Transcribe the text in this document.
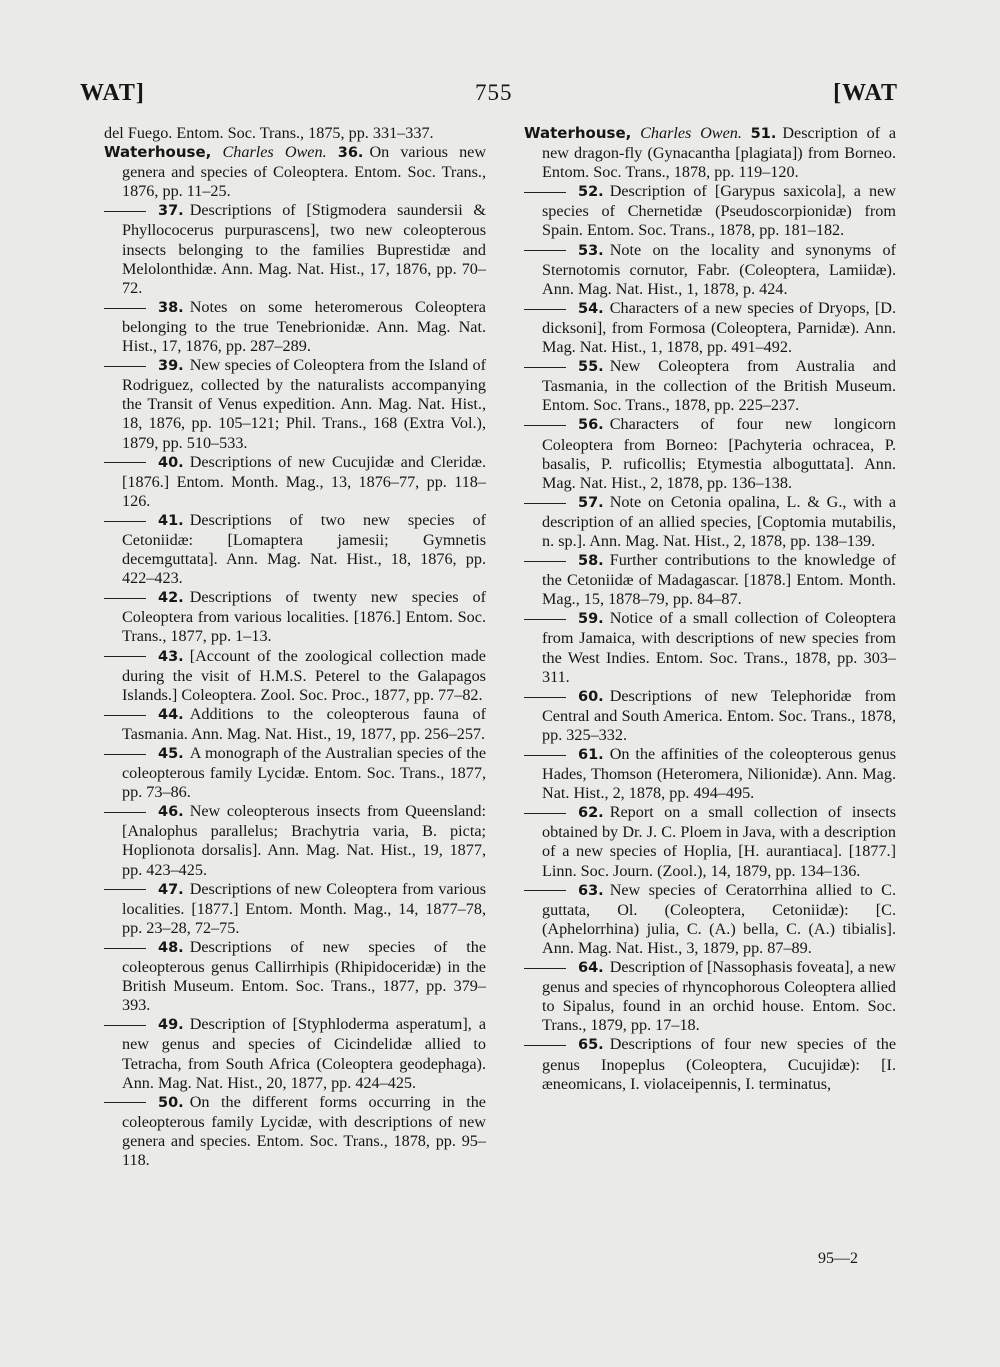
WAT]	755	[WAT

del Fuego. Entom. Soc. Trans., 1875, pp. 331–337.

Waterhouse, Charles Owen. 36. On various new genera and species of Coleoptera. Entom. Soc. Trans., 1876, pp. 11–25.

37. Descriptions of [Stigmodera saundersii & Phyllococerus purpurascens], two new coleopterous insects belonging to the families Buprestidæ and Melolonthidæ. Ann. Mag. Nat. Hist., 17, 1876, pp. 70–72.

38. Notes on some heteromerous Coleoptera belonging to the true Tenebrionidæ. Ann. Mag. Nat. Hist., 17, 1876, pp. 287–289.

39. New species of Coleoptera from the Island of Rodriguez, collected by the naturalists accompanying the Transit of Venus expedition. Ann. Mag. Nat. Hist., 18, 1876, pp. 105–121; Phil. Trans., 168 (Extra Vol.), 1879, pp. 510–533.

40. Descriptions of new Cucujidæ and Cleridæ. [1876.] Entom. Month. Mag., 13, 1876–77, pp. 118–126.

41. Descriptions of two new species of Cetoniidæ: [Lomaptera jamesii; Gymnetis decemguttata]. Ann. Mag. Nat. Hist., 18, 1876, pp. 422–423.

42. Descriptions of twenty new species of Coleoptera from various localities. [1876.] Entom. Soc. Trans., 1877, pp. 1–13.

43. [Account of the zoological collection made during the visit of H.M.S. Peterel to the Galapagos Islands.] Coleoptera. Zool. Soc. Proc., 1877, pp. 77–82.

44. Additions to the coleopterous fauna of Tasmania. Ann. Mag. Nat. Hist., 19, 1877, pp. 256–257.

45. A monograph of the Australian species of the coleopterous family Lycidæ. Entom. Soc. Trans., 1877, pp. 73–86.

46. New coleopterous insects from Queensland: [Analophus parallelus; Brachytria varia, B. picta; Hoplionota dorsalis]. Ann. Mag. Nat. Hist., 19, 1877, pp. 423–425.

47. Descriptions of new Coleoptera from various localities. [1877.] Entom. Month. Mag., 14, 1877–78, pp. 23–28, 72–75.

48. Descriptions of new species of the coleopterous genus Callirrhipis (Rhipidoceridæ) in the British Museum. Entom. Soc. Trans., 1877, pp. 379–393.

49. Description of [Styphloderma asperatum], a new genus and species of Cicindelidæ allied to Tetracha, from South Africa (Coleoptera geodephaga). Ann. Mag. Nat. Hist., 20, 1877, pp. 424–425.

50. On the different forms occurring in the coleopterous family Lycidæ, with descriptions of new genera and species. Entom. Soc. Trans., 1878, pp. 95–118.

Waterhouse, Charles Owen. 51. Description of a new dragon-fly (Gynacantha [plagiata]) from Borneo. Entom. Soc. Trans., 1878, pp. 119–120.

52. Description of [Garypus saxicola], a new species of Chernetidæ (Pseudoscorpionidæ) from Spain. Entom. Soc. Trans., 1878, pp. 181–182.

53. Note on the locality and synonyms of Sternotomis cornutor, Fabr. (Coleoptera, Lamiidæ). Ann. Mag. Nat. Hist., 1, 1878, p. 424.

54. Characters of a new species of Dryops, [D. dicksoni], from Formosa (Coleoptera, Parnidæ). Ann. Mag. Nat. Hist., 1, 1878, pp. 491–492.

55. New Coleoptera from Australia and Tasmania, in the collection of the British Museum. Entom. Soc. Trans., 1878, pp. 225–237.

56. Characters of four new longicorn Coleoptera from Borneo: [Pachyteria ochracea, P. basalis, P. ruficollis; Etymestia alboguttata]. Ann. Mag. Nat. Hist., 2, 1878, pp. 136–138.

57. Note on Cetonia opalina, L. & G., with a description of an allied species, [Coptomia mutabilis, n. sp.]. Ann. Mag. Nat. Hist., 2, 1878, pp. 138–139.

58. Further contributions to the knowledge of the Cetoniidæ of Madagascar. [1878.] Entom. Month. Mag., 15, 1878–79, pp. 84–87.

59. Notice of a small collection of Coleoptera from Jamaica, with descriptions of new species from the West Indies. Entom. Soc. Trans., 1878, pp. 303–311.

60. Descriptions of new Telephoridæ from Central and South America. Entom. Soc. Trans., 1878, pp. 325–332.

61. On the affinities of the coleopterous genus Hades, Thomson (Heteromera, Nilionidæ). Ann. Mag. Nat. Hist., 2, 1878, pp. 494–495.

62. Report on a small collection of insects obtained by Dr. J. C. Ploem in Java, with a description of a new species of Hoplia, [H. aurantiaca]. [1877.] Linn. Soc. Journ. (Zool.), 14, 1879, pp. 134–136.

63. New species of Ceratorrhina allied to C. guttata, Ol. (Coleoptera, Cetoniidæ): [C. (Aphelorrhina) julia, C. (A.) bella, C. (A.) tibialis]. Ann. Mag. Nat. Hist., 3, 1879, pp. 87–89.

64. Description of [Nassophasis foveata], a new genus and species of rhyncophorous Coleoptera allied to Sipalus, found in an orchid house. Entom. Soc. Trans., 1879, pp. 17–18.

65. Descriptions of four new species of the genus Inopeplus (Coleoptera, Cucujidæ): [I. æneomicans, I. violaceipennis, I. terminatus,

95—2
